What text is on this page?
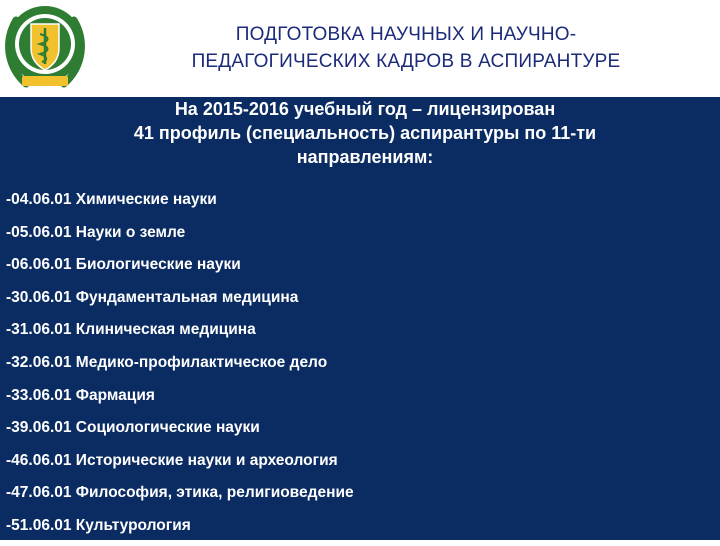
ПОДГОТОВКА НАУЧНЫХ И НАУЧНО-
ПЕДАГОГИЧЕСКИХ КАДРОВ В АСПИРАНТУРЕ
На 2015-2016 учебный год – лицензирован
41 профиль (специальность) аспирантуры по 11-ти
направлениям:
-04.06.01 Химические науки
-05.06.01 Науки о земле
-06.06.01 Биологические науки
-30.06.01 Фундаментальная медицина
-31.06.01 Клиническая медицина
-32.06.01 Медико-профилактическое дело
-33.06.01 Фармация
-39.06.01 Социологические науки
-46.06.01 Исторические науки и археология
-47.06.01 Философия, этика, религиоведение
-51.06.01 Культурология
